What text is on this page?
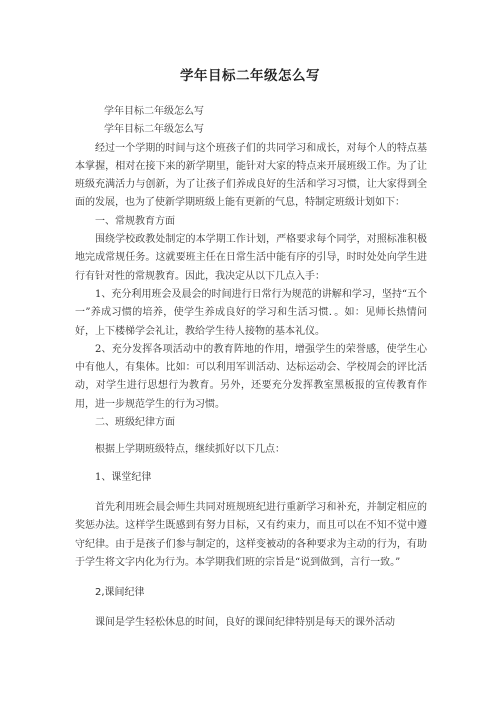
学年目标二年级怎么写

学年目标二年级怎么写

学年目标二年级怎么写

经过一个学期的时间与这个班孩子们的共同学习和成长，对每个人的特点基本掌握，相对在接下来的新学期里，能针对大家的特点来开展班级工作。为了让班级充满活力与创新，为了让孩子们养成良好的生活和学习习惯，让大家得到全面的发展，也为了使新学期班级上能有更新的气息，特制定班级计划如下：

一、常规教育方面

围绕学校政教处制定的本学期工作计划，严格要求每个同学，对照标准积极地完成常规任务。这就要班主任在日常生活中能有序的引导，时时处处向学生进行有针对性的常规教育。因此，我决定从以下几点入手：

1、充分利用班会及晨会的时间进行日常行为规范的讲解和学习，坚持“五个一”养成习惯的培养，使学生养成良好的学习和生活习惯．。如：见师长热情问好，上下楼梯学会礼让，教给学生待人接物的基本礼仪。

2、充分发挥各项活动中的教育阵地的作用，增强学生的荣誉感，使学生心中有他人，有集体。比如：可以利用军训活动、达标运动会、学校周会的评比活动，对学生进行思想行为教育。另外，还要充分发挥教室黑板报的宣传教育作用，进一步规范学生的行为习惯。

二、班级纪律方面

根据上学期班级特点，继续抓好以下几点：

1、课堂纪律

首先利用班会晨会师生共同对班规班纪进行重新学习和补充，并制定相应的奖惩办法。这样学生既感到有努力目标，又有约束力，而且可以在不知不觉中遵守纪律。由于是孩子们参与制定的，这样变被动的各种要求为主动的行为，有助于学生将文字内化为行为。本学期我们班的宗旨是“说到做到，言行一致。”

2,课间纪律

课间是学生轻松休息的时间，良好的课间纪律特别是每天的课外活动
